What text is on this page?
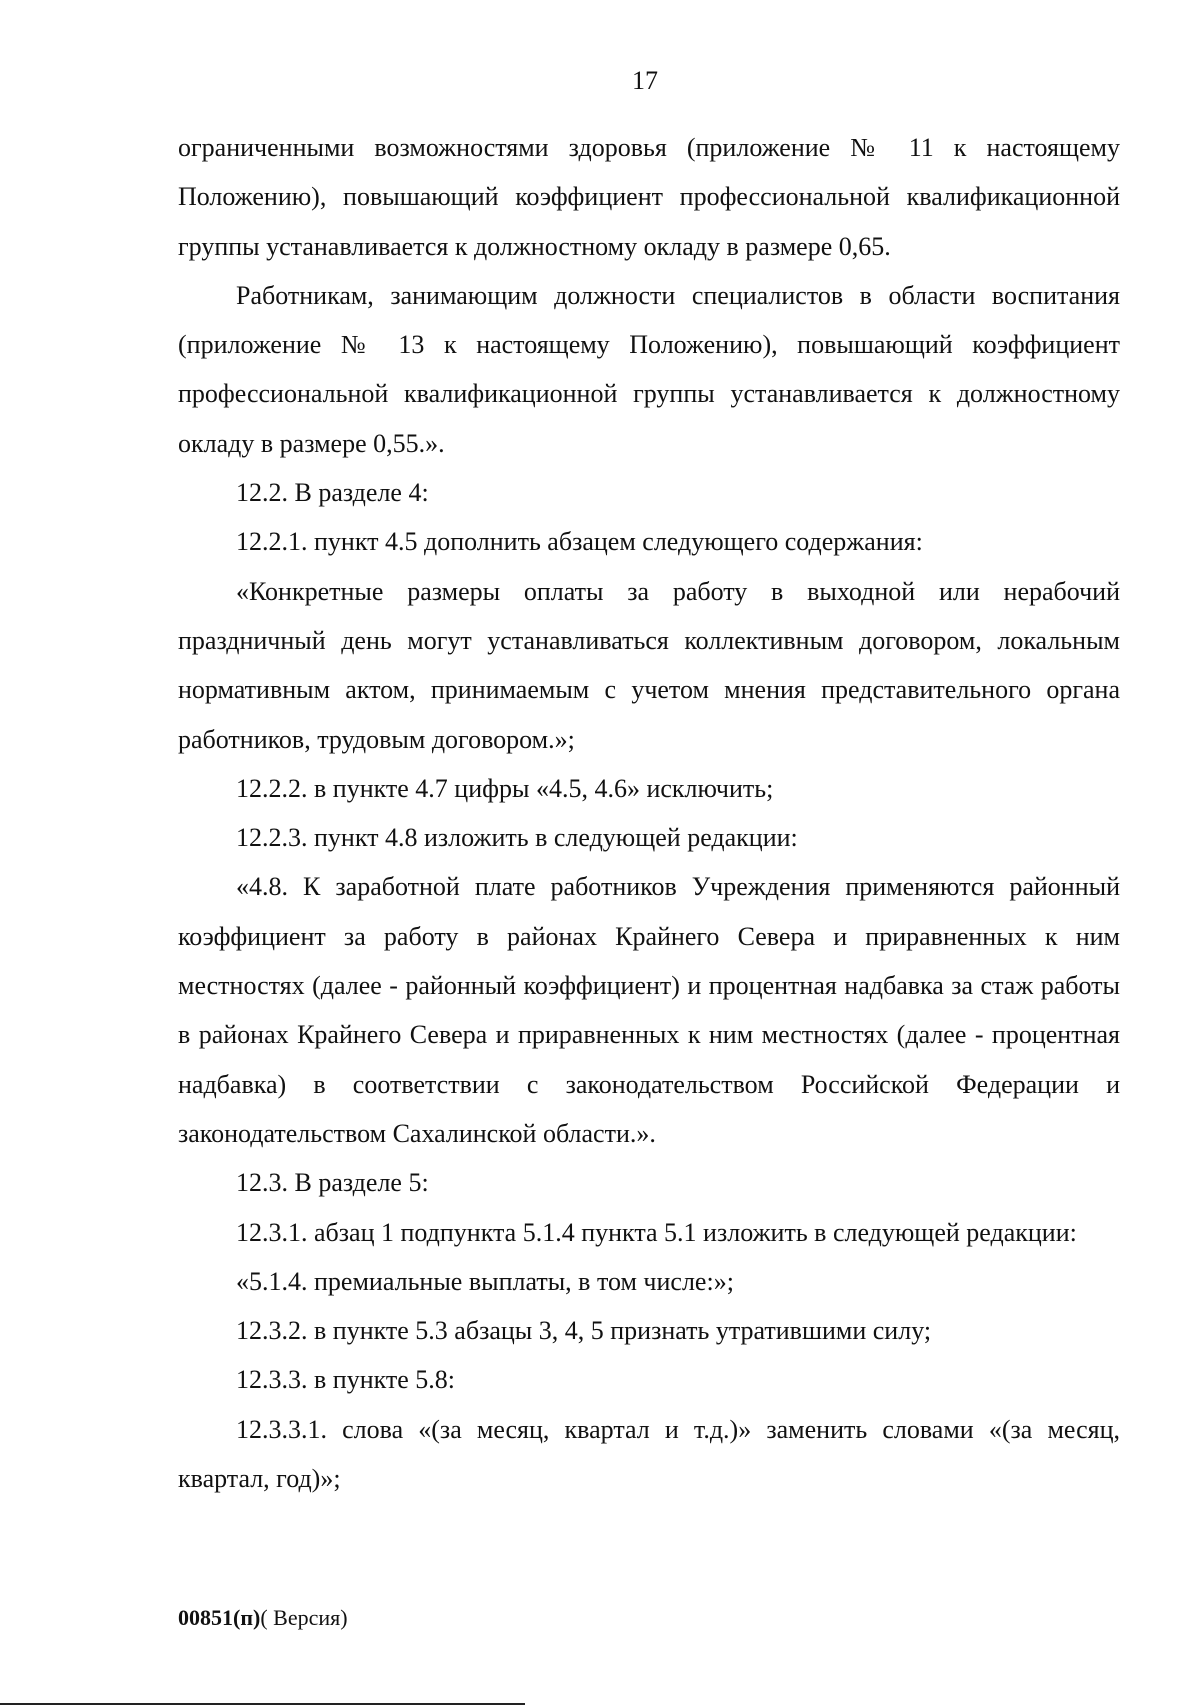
17

ограниченными возможностями здоровья (приложение № 11 к настоящему Положению), повышающий коэффициент профессиональной квалификационной группы устанавливается к должностному окладу в размере 0,65.

Работникам, занимающим должности специалистов в области воспитания (приложение № 13 к настоящему Положению), повышающий коэффициент профессиональной квалификационной группы устанавливается к должностному окладу в размере 0,55.».

12.2. В разделе 4:

12.2.1. пункт 4.5 дополнить абзацем следующего содержания:

«Конкретные размеры оплаты за работу в выходной или нерабочий праздничный день могут устанавливаться коллективным договором, локальным нормативным актом, принимаемым с учетом мнения представительного органа работников, трудовым договором.»;

12.2.2. в пункте 4.7 цифры «4.5, 4.6» исключить;

12.2.3. пункт 4.8 изложить в следующей редакции:

«4.8. К заработной плате работников Учреждения применяются районный коэффициент за работу в районах Крайнего Севера и приравненных к ним местностях (далее - районный коэффициент) и процентная надбавка за стаж работы в районах Крайнего Севера и приравненных к ним местностях (далее - процентная надбавка) в соответствии с законодательством Российской Федерации и законодательством Сахалинской области.».

12.3. В разделе 5:

12.3.1. абзац 1 подпункта 5.1.4 пункта 5.1 изложить в следующей редакции:

«5.1.4. премиальные выплаты, в том числе:»;

12.3.2. в пункте 5.3 абзацы 3, 4, 5 признать утратившими силу;

12.3.3. в пункте 5.8:

12.3.3.1. слова «(за месяц, квартал и т.д.)» заменить словами «(за месяц, квартал, год)»;

00851(п)( Версия)
